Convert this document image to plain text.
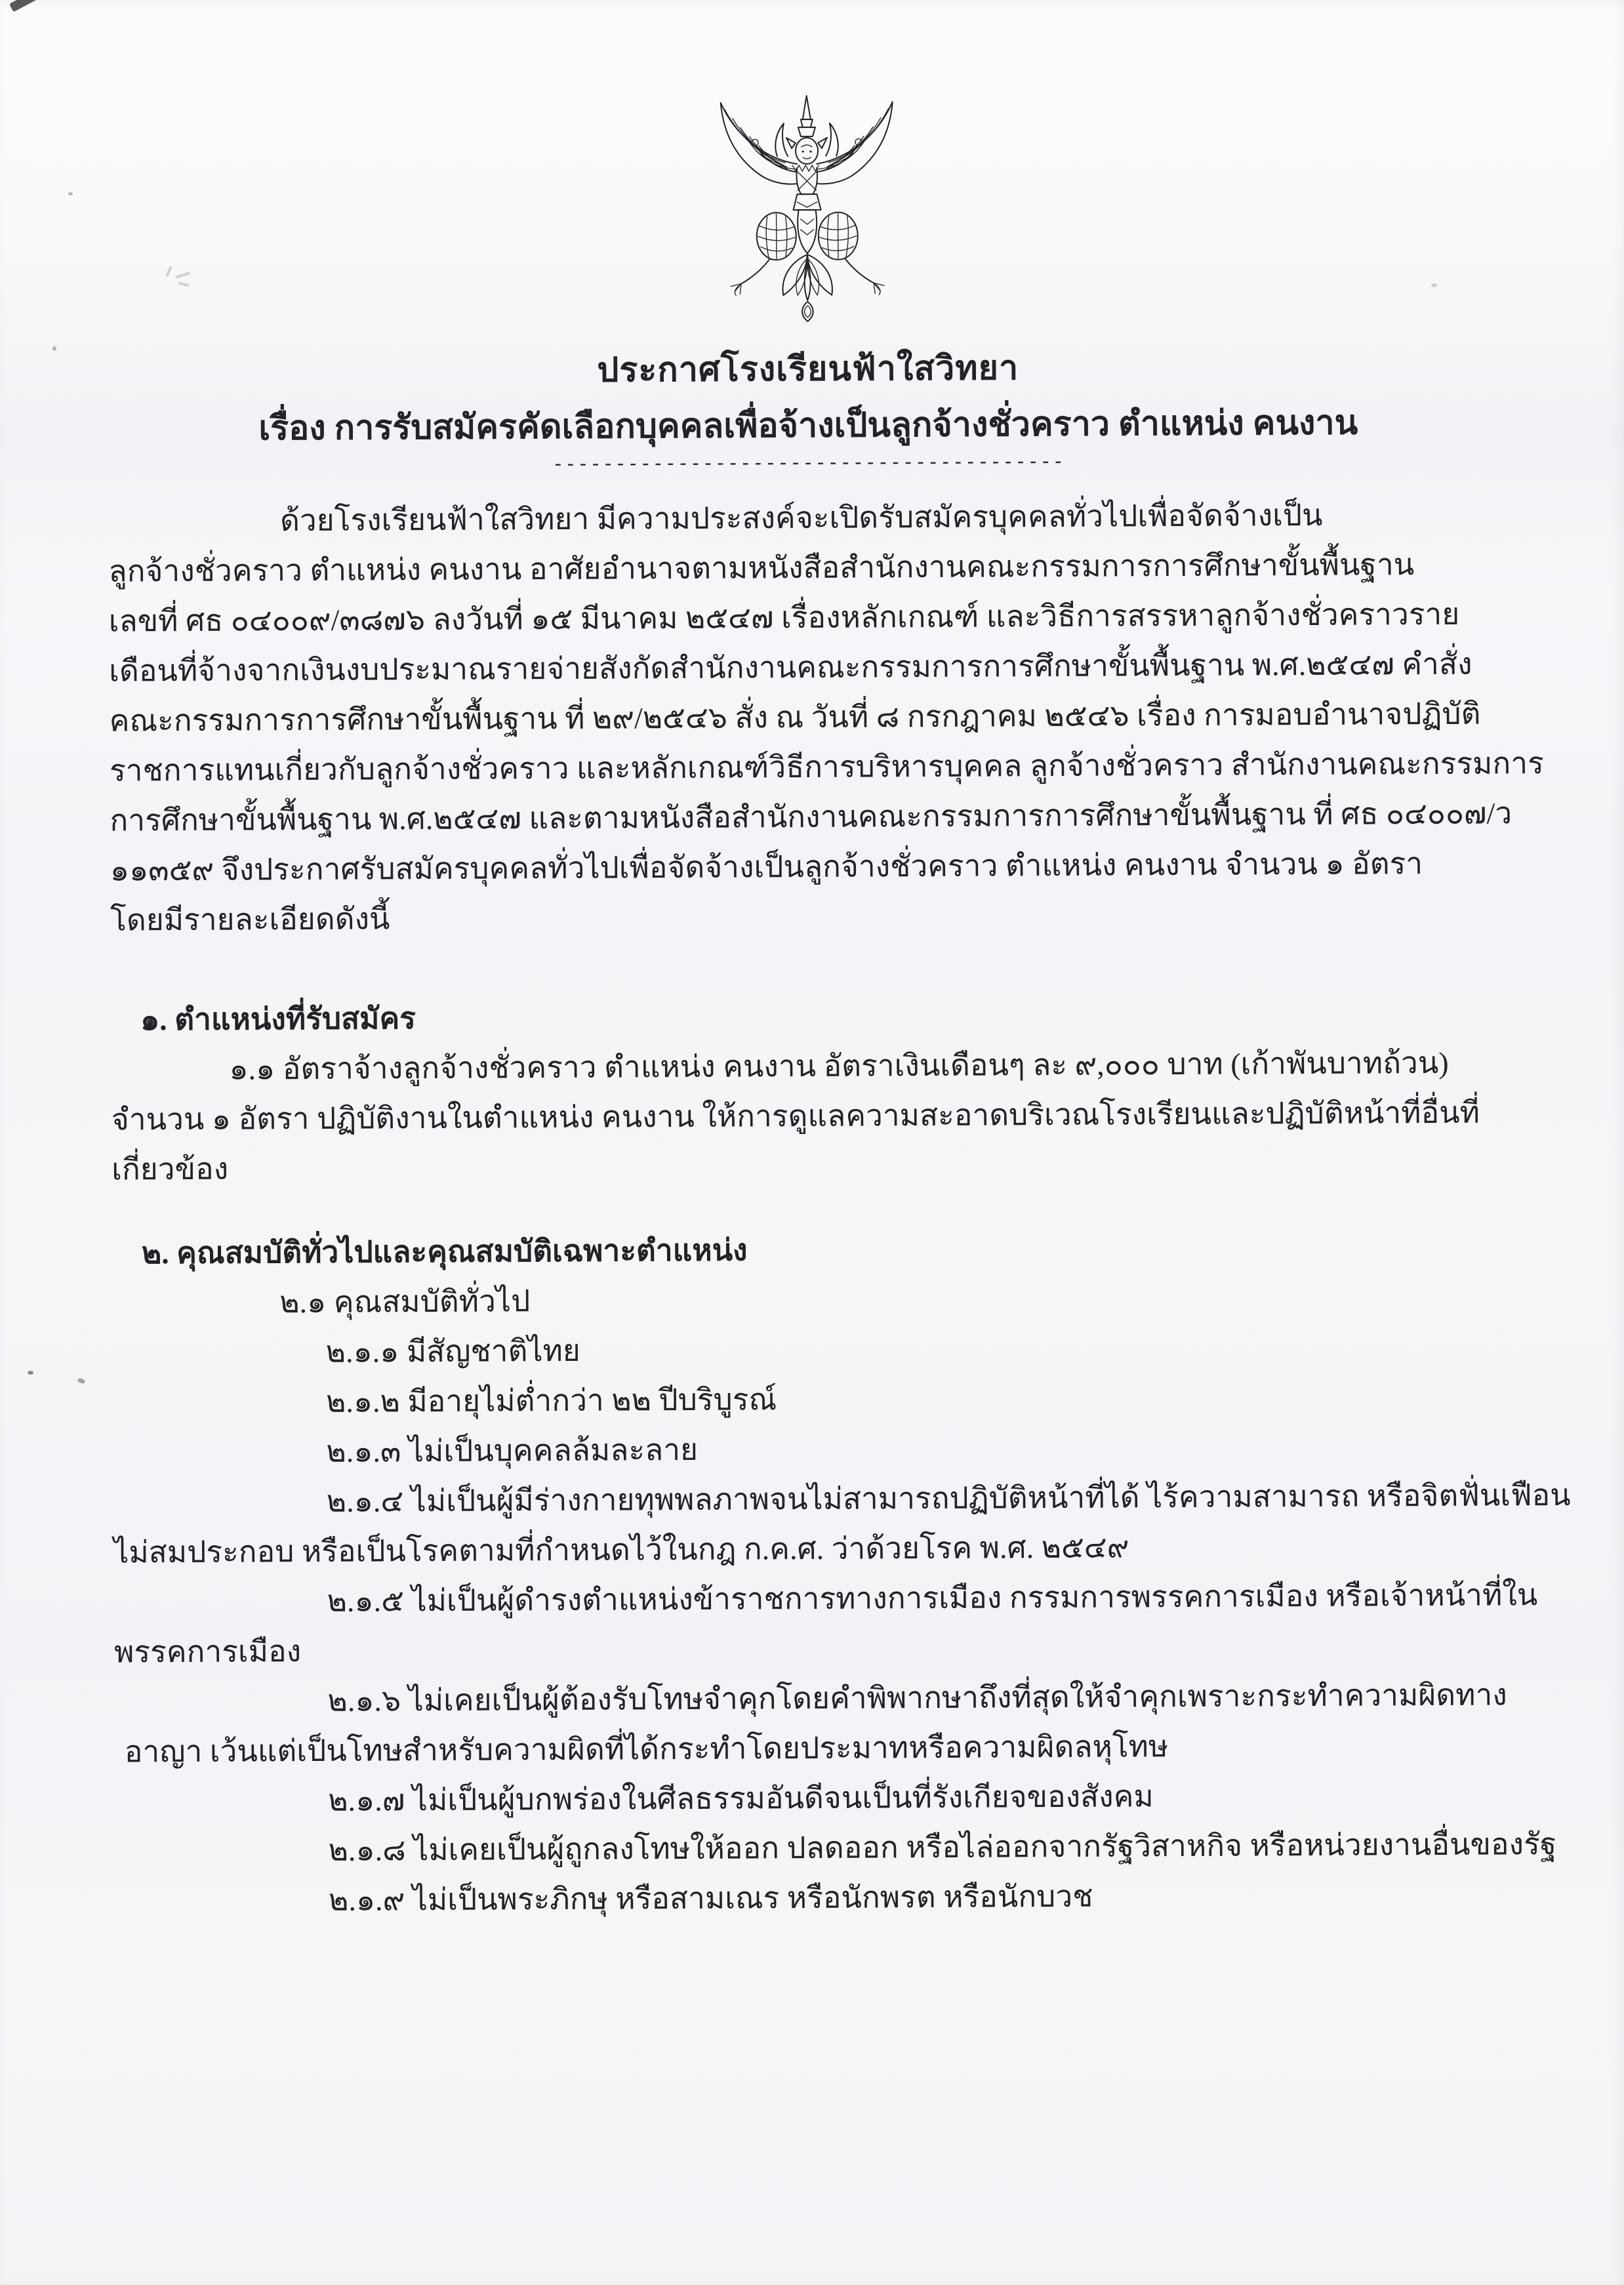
ประกาศโรงเรียนฟ้าใสวิทยา
เรื่อง การรับสมัครคัดเลือกบุคคลเพื่อจ้างเป็นลูกจ้างชั่วคราว ตำแหน่ง คนงาน
-----------------------------------------
ด้วยโรงเรียนฟ้าใสวิทยา มีความประสงค์จะเปิดรับสมัครบุคคลทั่วไปเพื่อจัดจ้างเป็น
ลูกจ้างชั่วคราว ตำแหน่ง คนงาน อาศัยอำนาจตามหนังสือสำนักงานคณะกรรมการการศึกษาขั้นพื้นฐาน
เลขที่ ศธ ๐๔๐๐๙/๓๘๗๖ ลงวันที่ ๑๕ มีนาคม ๒๕๔๗ เรื่องหลักเกณฑ์ และวิธีการสรรหาลูกจ้างชั่วคราวราย
เดือนที่จ้างจากเงินงบประมาณรายจ่ายสังกัดสำนักงานคณะกรรมการการศึกษาขั้นพื้นฐาน พ.ศ.๒๕๔๗ คำสั่ง
คณะกรรมการการศึกษาขั้นพื้นฐาน ที่ ๒๙/๒๕๔๖ สั่ง ณ วันที่ ๘ กรกฎาคม ๒๕๔๖ เรื่อง การมอบอำนาจปฏิบัติ
ราชการแทนเกี่ยวกับลูกจ้างชั่วคราว และหลักเกณฑ์วิธีการบริหารบุคคล ลูกจ้างชั่วคราว สำนักงานคณะกรรมการ
การศึกษาขั้นพื้นฐาน พ.ศ.๒๕๔๗ และตามหนังสือสำนักงานคณะกรรมการการศึกษาขั้นพื้นฐาน ที่ ศธ ๐๔๐๐๗/ว
๑๑๓๕๙ จึงประกาศรับสมัครบุคคลทั่วไปเพื่อจัดจ้างเป็นลูกจ้างชั่วคราว ตำแหน่ง คนงาน จำนวน ๑ อัตรา
โดยมีรายละเอียดดังนี้
๑. ตำแหน่งที่รับสมัคร
๑.๑ อัตราจ้างลูกจ้างชั่วคราว ตำแหน่ง คนงาน อัตราเงินเดือนๆ ละ ๙,๐๐๐ บาท (เก้าพันบาทถ้วน)
จำนวน ๑ อัตรา ปฏิบัติงานในตำแหน่ง คนงาน ให้การดูแลความสะอาดบริเวณโรงเรียนและปฏิบัติหน้าที่อื่นที่
เกี่ยวข้อง
๒. คุณสมบัติทั่วไปและคุณสมบัติเฉพาะตำแหน่ง
๒.๑ คุณสมบัติทั่วไป
๒.๑.๑ มีสัญชาติไทย
๒.๑.๒ มีอายุไม่ต่ำกว่า ๒๒ ปีบริบูรณ์
๒.๑.๓ ไม่เป็นบุคคลล้มละลาย
๒.๑.๔ ไม่เป็นผู้มีร่างกายทุพพลภาพจนไม่สามารถปฏิบัติหน้าที่ได้ ไร้ความสามารถ หรือจิตฟั่นเฟือน
ไม่สมประกอบ หรือเป็นโรคตามที่กำหนดไว้ในกฎ ก.ค.ศ. ว่าด้วยโรค พ.ศ. ๒๕๔๙
๒.๑.๕ ไม่เป็นผู้ดำรงตำแหน่งข้าราชการทางการเมือง กรรมการพรรคการเมือง หรือเจ้าหน้าที่ใน
พรรคการเมือง
๒.๑.๖ ไม่เคยเป็นผู้ต้องรับโทษจำคุกโดยคำพิพากษาถึงที่สุดให้จำคุกเพราะกระทำความผิดทาง
อาญา เว้นแต่เป็นโทษสำหรับความผิดที่ได้กระทำโดยประมาทหรือความผิดลหุโทษ
๒.๑.๗ ไม่เป็นผู้บกพร่องในศีลธรรมอันดีจนเป็นที่รังเกียจของสังคม
๒.๑.๘ ไม่เคยเป็นผู้ถูกลงโทษให้ออก ปลดออก หรือไล่ออกจากรัฐวิสาหกิจ หรือหน่วยงานอื่นของรัฐ
๒.๑.๙ ไม่เป็นพระภิกษุ หรือสามเณร หรือนักพรต หรือนักบวช
